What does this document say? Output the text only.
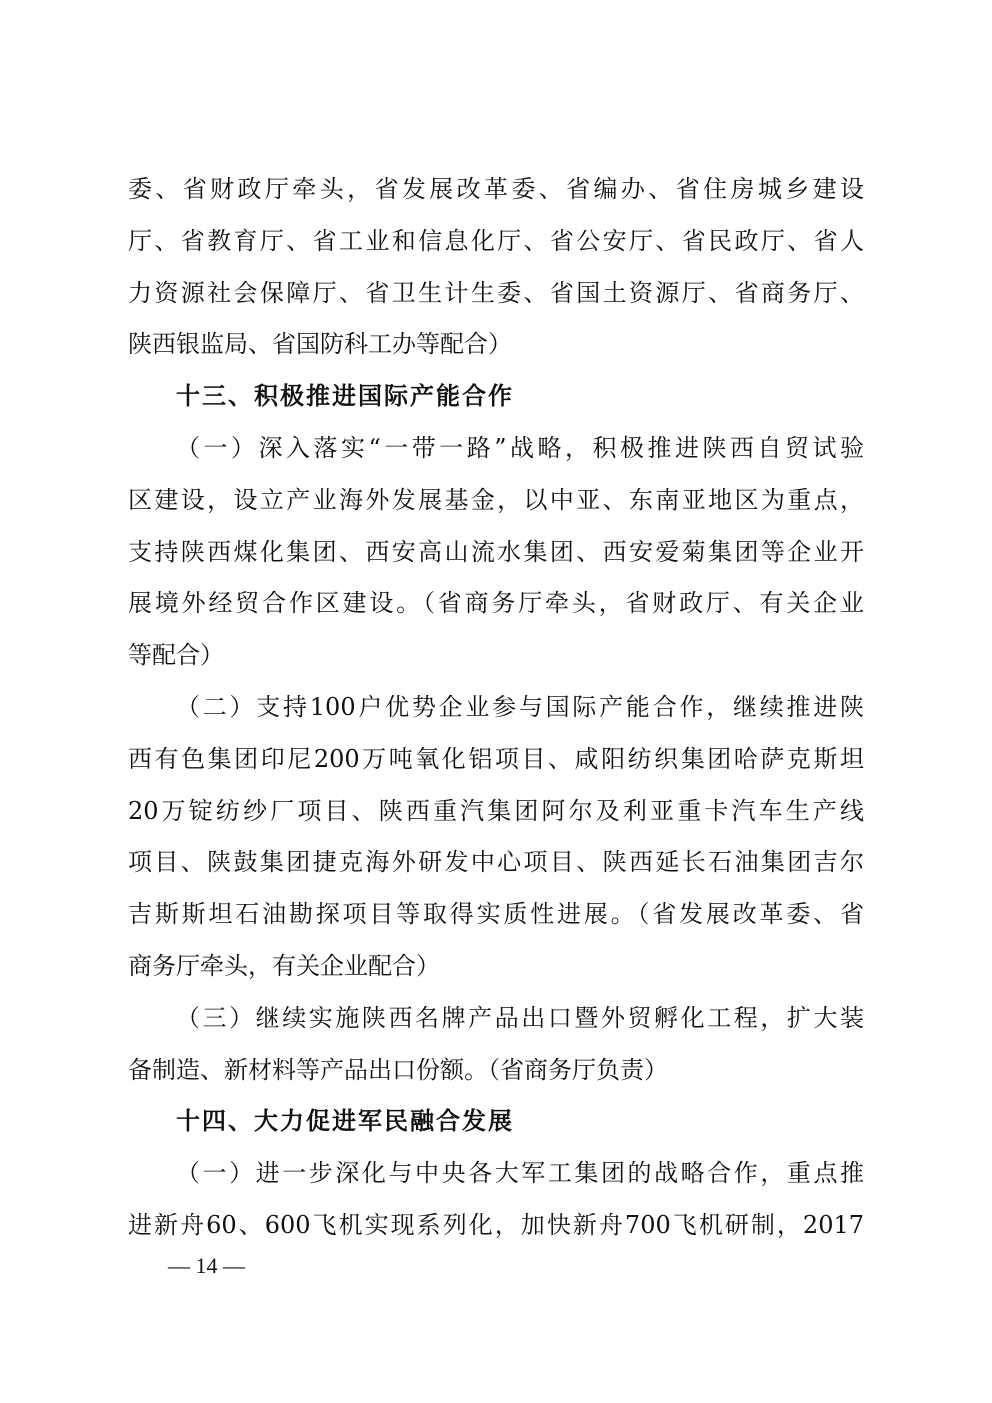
委、省财政厅牵头，省发展改革委、省编办、省住房城乡建设
厅、省教育厅、省工业和信息化厅、省公安厅、省民政厅、省人
力资源社会保障厅、省卫生计生委、省国土资源厅、省商务厅、
陕西银监局、省国防科工办等配合）
十三、积极推进国际产能合作
（一）深入落实“一带一路”战略，积极推进陕西自贸试验
区建设，设立产业海外发展基金，以中亚、东南亚地区为重点，
支持陕西煤化集团、西安高山流水集团、西安爱菊集团等企业开
展境外经贸合作区建设。（省商务厅牵头，省财政厅、有关企业
等配合）
（二）支持100户优势企业参与国际产能合作，继续推进陕
西有色集团印尼200万吨氧化铝项目、咸阳纺织集团哈萨克斯坦
20万锭纺纱厂项目、陕西重汽集团阿尔及利亚重卡汽车生产线
项目、陕鼓集团捷克海外研发中心项目、陕西延长石油集团吉尔
吉斯斯坦石油勘探项目等取得实质性进展。（省发展改革委、省
商务厅牵头，有关企业配合）
（三）继续实施陕西名牌产品出口暨外贸孵化工程，扩大装
备制造、新材料等产品出口份额。（省商务厅负责）
十四、大力促进军民融合发展
（一）进一步深化与中央各大军工集团的战略合作，重点推
进新舟60、600飞机实现系列化，加快新舟700飞机研制，2017
— 14 —
